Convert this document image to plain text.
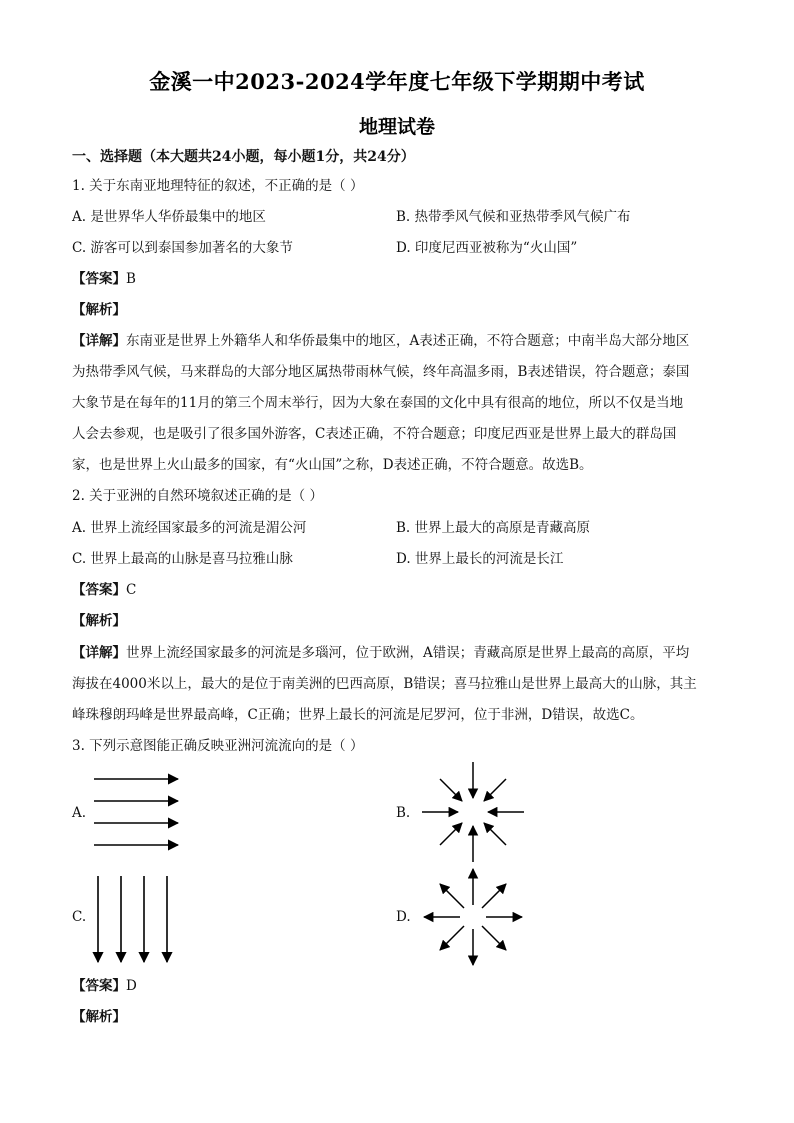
金溪一中2023-2024学年度七年级下学期期中考试
地理试卷
一、选择题（本大题共24小题，每小题1分，共24分）
1. 关于东南亚地理特征的叙述，不正确的是（ ）
A. 是世界华人华侨最集中的地区	B. 热带季风气候和亚热带季风气候广布
C. 游客可以到泰国参加著名的大象节	D. 印度尼西亚被称为“火山国”
【答案】B
【解析】
【详解】东南亚是世界上外籍华人和华侨最集中的地区，A表述正确，不符合题意；中南半岛大部分地区
为热带季风气候，马来群岛的大部分地区属热带雨林气候，终年高温多雨，B表述错误，符合题意；泰国
大象节是在每年的11月的第三个周末举行，因为大象在泰国的文化中具有很高的地位，所以不仅是当地
人会去参观，也是吸引了很多国外游客，C表述正确，不符合题意；印度尼西亚是世界上最大的群岛国
家，也是世界上火山最多的国家，有“火山国”之称，D表述正确，不符合题意。故选B。
2. 关于亚洲的自然环境叙述正确的是（ ）
A. 世界上流经国家最多的河流是湄公河	B. 世界上最大的高原是青藏高原
C. 世界上最高的山脉是喜马拉雅山脉	D. 世界上最长的河流是长江
【答案】C
【解析】
【详解】世界上流经国家最多的河流是多瑙河，位于欧洲，A错误；青藏高原是世界上最高的高原，平均
海拔在4000米以上，最大的是位于南美洲的巴西高原，B错误；喜马拉雅山是世界上最高大的山脉，其主
峰珠穆朗玛峰是世界最高峰，C正确；世界上最长的河流是尼罗河，位于非洲，D错误，故选C。
3. 下列示意图能正确反映亚洲河流流向的是（ ）
A.	B.
C.	D.
【答案】D
【解析】
